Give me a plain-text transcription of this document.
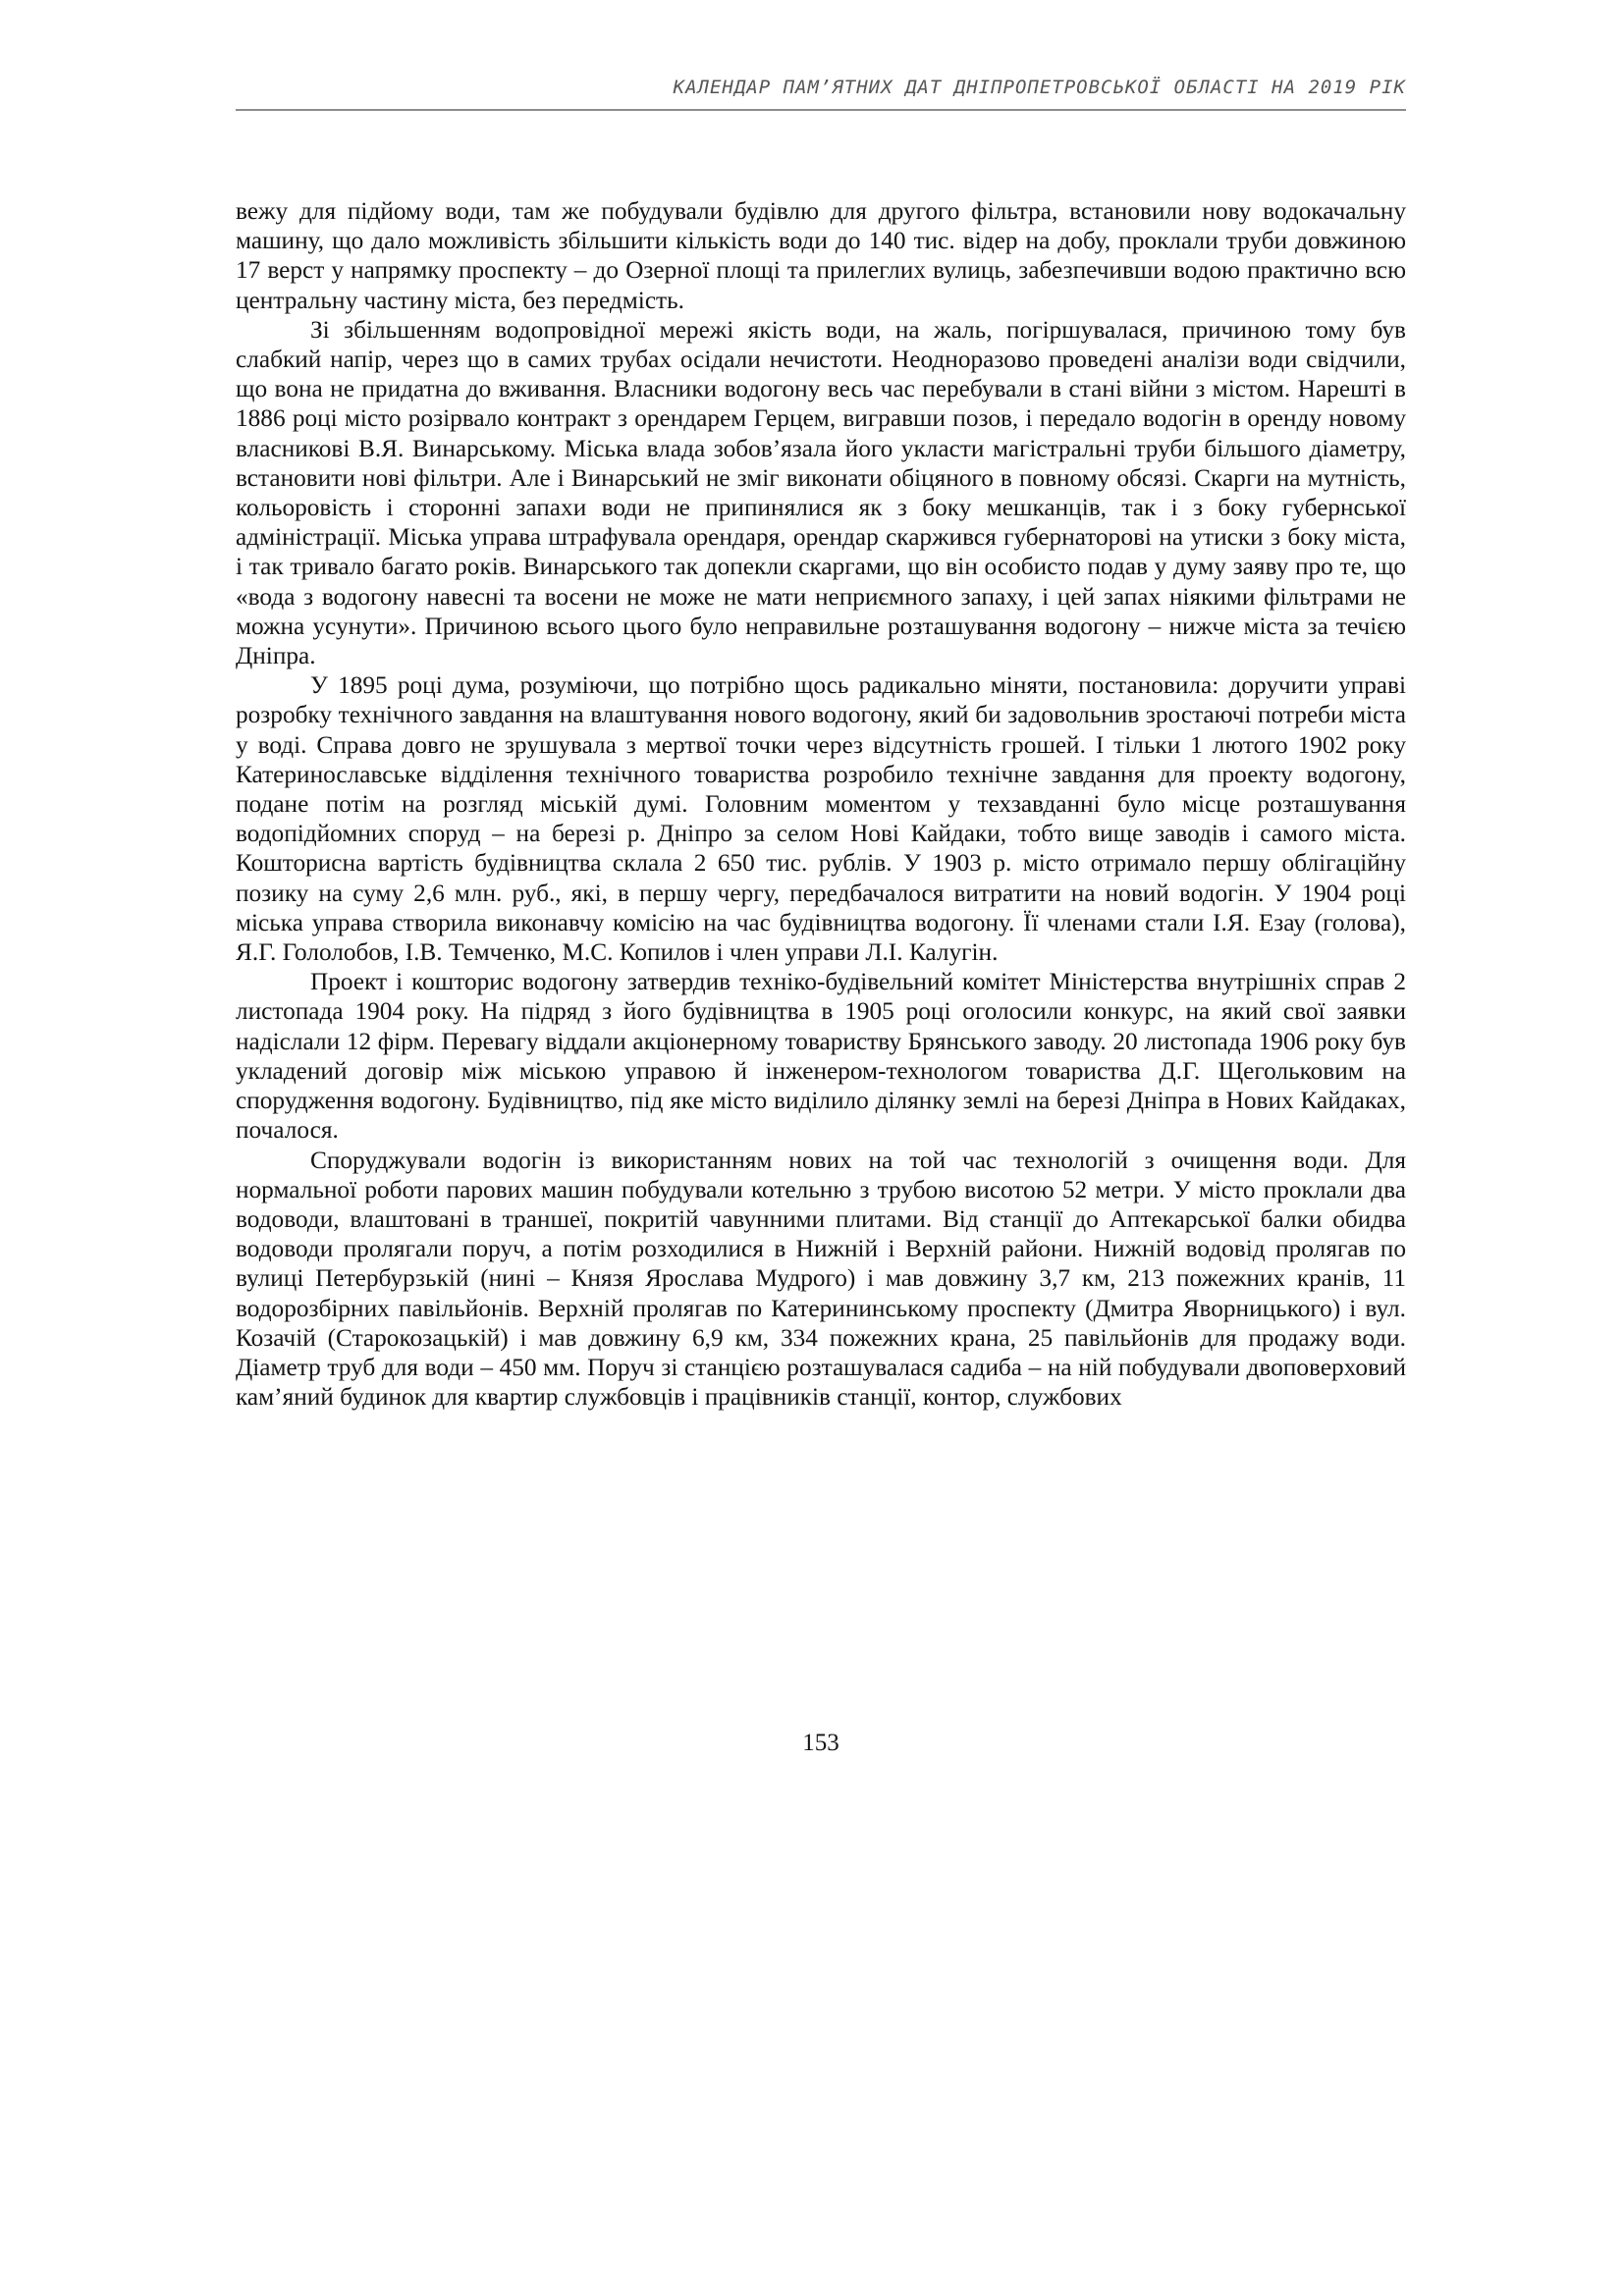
КАЛЕНДАР ПАМ’ЯТНИХ ДАТ ДНІПРОПЕТРОВСЬКОЇ ОБЛАСТІ НА 2019 РІК

вежу для підйому води, там же побудували будівлю для другого фільтра, встановили нову водокачальну машину, що дало можливість збільшити кількість води до 140 тис. відер на добу, проклали труби довжиною 17 верст у напрямку проспекту – до Озерної площі та прилеглих вулиць, забезпечивши водою практично всю центральну частину міста, без передмість.

Зі збільшенням водопровідної мережі якість води, на жаль, погіршувалася, причиною тому був слабкий напір, через що в самих трубах осідали нечистоти. Неодноразово проведені аналізи води свідчили, що вона не придатна до вживання. Власники водогону весь час перебували в стані війни з містом. Нарешті в 1886 році місто розірвало контракт з орендарем Герцем, вигравши позов, і передало водогін в оренду новому власникові В.Я. Винарському. Міська влада зобов’язала його укласти магістральні труби більшого діаметру, встановити нові фільтри. Але і Винарський не зміг виконати обіцяного в повному обсязі. Скарги на мутність, кольоровість і сторонні запахи води не припинялися як з боку мешканців, так і з боку губернської адміністрації. Міська управа штрафувала орендаря, орендар скаржився губернаторові на утиски з боку міста, і так тривало багато років. Винарського так допекли скаргами, що він особисто подав у думу заяву про те, що «вода з водогону навесні та восени не може не мати неприємного запаху, і цей запах ніякими фільтрами не можна усунути». Причиною всього цього було неправильне розташування водогону – нижче міста за течією Дніпра.

У 1895 році дума, розуміючи, що потрібно щось радикально міняти, постановила: доручити управі розробку технічного завдання на влаштування нового водогону, який би задовольнив зростаючі потреби міста у воді. Справа довго не зрушувала з мертвої точки через відсутність грошей. І тільки 1 лютого 1902 року Катеринославське відділення технічного товариства розробило технічне завдання для проекту водогону, подане потім на розгляд міській думі. Головним моментом у техзавданні було місце розташування водопідйомних споруд – на березі р. Дніпро за селом Нові Кайдаки, тобто вище заводів і самого міста. Кошторисна вартість будівництва склала 2 650 тис. рублів. У 1903 р. місто отримало першу облігаційну позику на суму 2,6 млн. руб., які, в першу чергу, передбачалося витратити на новий водогін. У 1904 році міська управа створила виконавчу комісію на час будівництва водогону. Її членами стали І.Я. Езау (голова), Я.Г. Гололобов, І.В. Темченко, М.С. Копилов і член управи Л.І. Калугін.

Проект і кошторис водогону затвердив техніко-будівельний комітет Міністерства внутрішніх справ 2 листопада 1904 року. На підряд з його будівництва в 1905 році оголосили конкурс, на який свої заявки надіслали 12 фірм. Перевагу віддали акціонерному товариству Брянського заводу. 20 листопада 1906 року був укладений договір між міською управою й інженером-технологом товариства Д.Г. Щегольковим на спорудження водогону. Будівництво, під яке місто виділило ділянку землі на березі Дніпра в Нових Кайдаках, почалося.

Споруджували водогін із використанням нових на той час технологій з очищення води. Для нормальної роботи парових машин побудували котельню з трубою висотою 52 метри. У місто проклали два водоводи, влаштовані в траншеї, покритій чавунними плитами. Від станції до Аптекарської балки обидва водоводи пролягали поруч, а потім розходилися в Нижній і Верхній райони. Нижній водовід пролягав по вулиці Петербурзькій (нині – Князя Ярослава Мудрого) і мав довжину 3,7 км, 213 пожежних кранів, 11 водорозбірних павільйонів. Верхній пролягав по Катерининському проспекту (Дмитра Яворницького) і вул. Козачій (Старокозацькій) і мав довжину 6,9 км, 334 пожежних крана, 25 павільйонів для продажу води. Діаметр труб для води – 450 мм. Поруч зі станцією розташувалася садиба – на ній побудували двоповерховий кам’яний будинок для квартир службовців і працівників станції, контор, службових

153
